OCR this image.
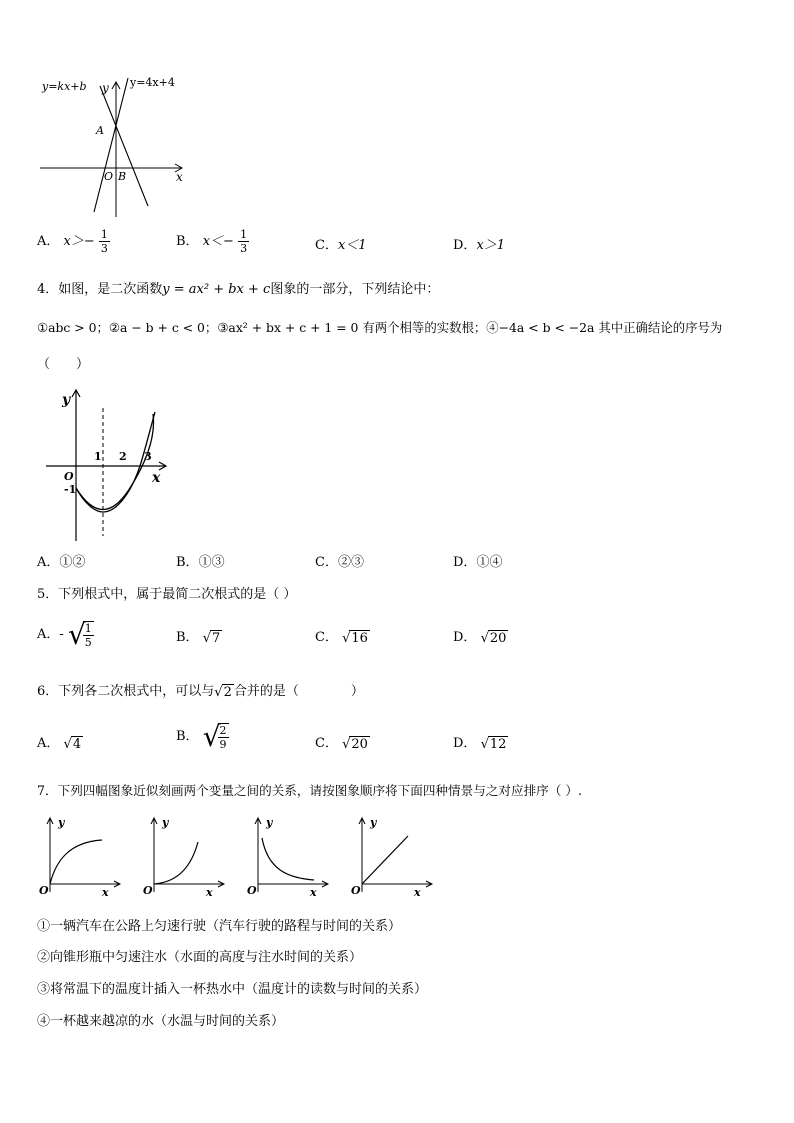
y=kx+b	y=4x+4
y
x
A
O B
A． $x>- \frac{1}{3}$	B． $x<- \frac{1}{3}$	C．x＜1	D．x＞1
4．如图，是二次函数y = ax² + bx + c图象的一部分，下列结论中：
①abc > 0；②a − b + c < 0；③ax² + bx + c + 1 = 0 有两个相等的实数根；④−4a < b < −2a 其中正确结论的序号为
（　　）
y
x
O
1 2 3
-1
A．①②	B．①③	C．②③	D．①④
5．下列根式中，属于最简二次根式的是（ ）
A．- √
$\frac{1}{5}$	B． √7	C． √16	D． √20
6．下列各二次根式中，可以与√2 合并的是（　　　　）
A． √4	B． √
$\frac{2}{9}$	C． √20	D． √12
7．下列四幅图象近似刻画两个变量之间的关系，请按图象顺序将下面四种情景与之对应排序（ ）.
y
O	x
y
O	x
y
O	x
y
O	x
①一辆汽车在公路上匀速行驶（汽车行驶的路程与时间的关系）
②向锥形瓶中匀速注水（水面的高度与注水时间的关系）
③将常温下的温度计插入一杯热水中（温度计的读数与时间的关系）
④一杯越来越凉的水（水温与时间的关系）
